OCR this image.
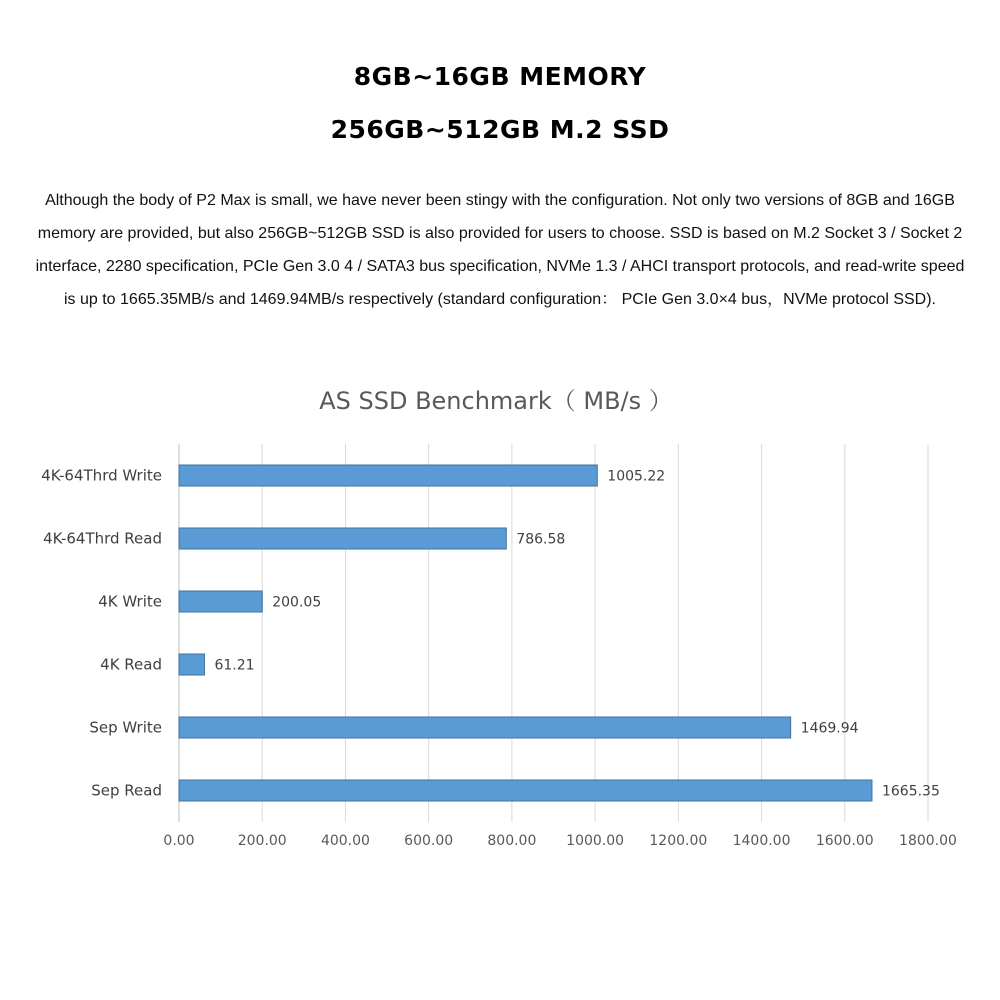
8GB~16GB MEMORY
256GB~512GB M.2 SSD

Although the body of P2 Max is small, we have never been stingy with the configuration. Not only two versions of 8GB and 16GB memory are provided, but also 256GB~512GB SSD is also provided for users to choose. SSD is based on M.2 Socket 3 / Socket 2 interface, 2280 specification, PCIe Gen 3.0 4 / SATA3 bus specification, NVMe 1.3 / AHCI transport protocols, and read-write speed is up to 1665.35MB/s and 1469.94MB/s respectively (standard configuration： PCIe Gen 3.0×4 bus，NVMe protocol SSD).

AS SSD Benchmark（ MB/s ）
1005.22
786.58
200.05
61.21
1469.94
1665.35
4K-64Thrd Write
4K-64Thrd Read
4K Write
4K Read
Sep Write
Sep Read
0.00	200.00 400.00 600.00 800.00 1000.00 1200.00 1400.00 1600.00 1800.00
